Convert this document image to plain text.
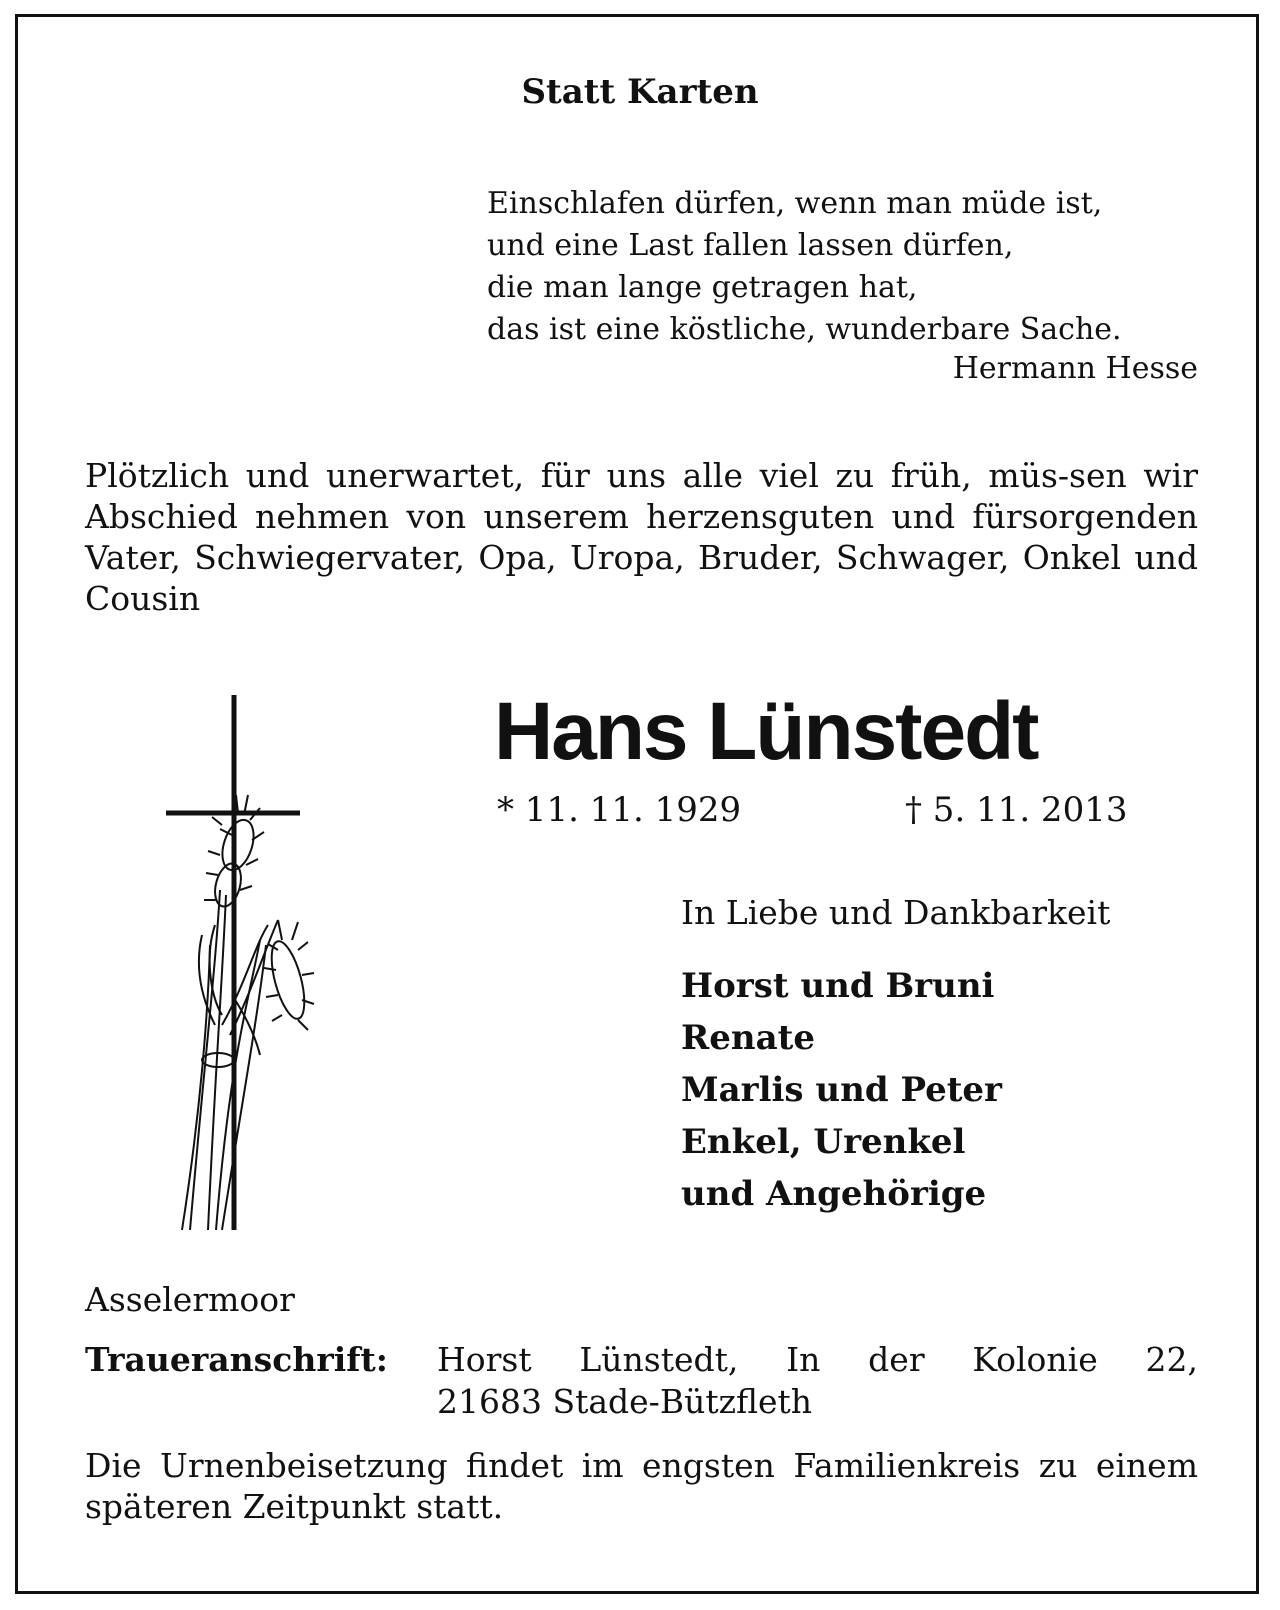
Statt Karten
Einschlafen dürfen, wenn man müde ist,
und eine Last fallen lassen dürfen,
die man lange getragen hat,
das ist eine köstliche, wunderbare Sache.
Hermann Hesse
Plötzlich und unerwartet, für uns alle viel zu früh, müs-sen wir Abschied nehmen von unserem herzensguten und fürsorgenden Vater, Schwiegervater, Opa, Uropa, Bruder, Schwager, Onkel und Cousin
Hans Lünstedt
* 11. 11. 1929	† 5. 11. 2013
In Liebe und Dankbarkeit
Horst und Bruni
Renate
Marlis und Peter
Enkel, Urenkel
und Angehörige
Asselermoor
Traueranschrift: Horst Lünstedt, In der Kolonie 22,
21683 Stade-Bützfleth
Die Urnenbeisetzung findet im engsten Familienkreis zu einem späteren Zeitpunkt statt.
